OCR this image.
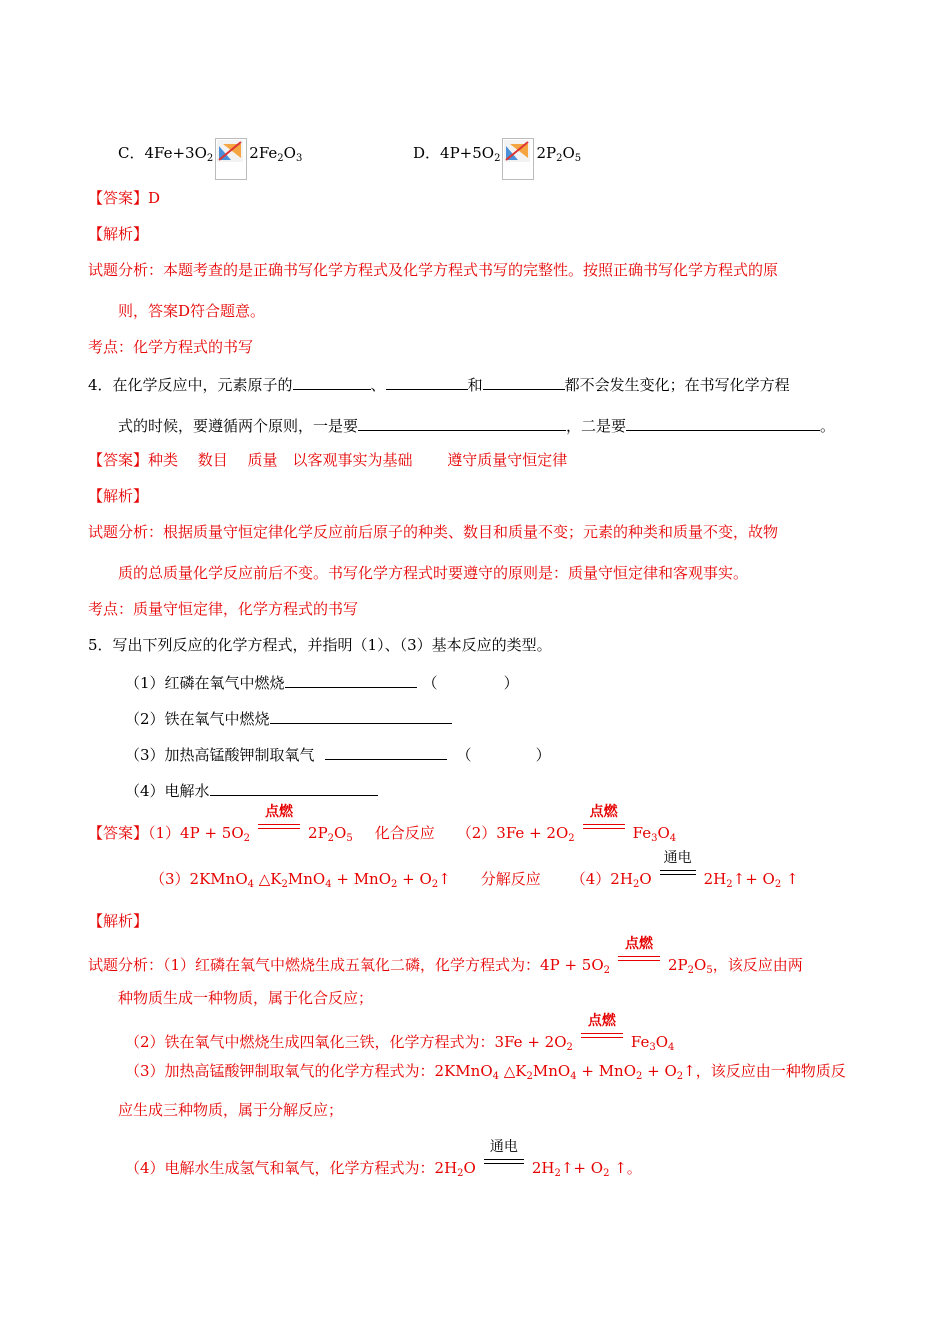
C．$4Fe+3O_2$ $2Fe_2O_3$	D．$4P+5O_2$ $2P_2O_5$
【答案】D
【解析】
试题分析：本题考查的是正确书写化学方程式及化学方程式书写的完整性。按照正确书写化学方程式的原
则，答案D符合题意。
考点：化学方程式的书写
4．在化学反应中，元素原子的	、	和	都不会发生变化；在书写化学方程
式的时候，要遵循两个原则，一是要	，二是要	。
【答案】种类　 数目　 质量　以客观事实为基础　　 遵守质量守恒定律
【解析】
试题分析：根据质量守恒定律化学反应前后原子的种类、数目和质量不变；元素的种类和质量不变，故物
质的总质量化学反应前后不变。书写化学方程式时要遵守的原则是：质量守恒定律和客观事实。
考点：质量守恒定律，化学方程式的书写
5．写出下列反应的化学方程式，并指明（1）、（3）基本反应的类型。
（1）红磷在氧气中燃烧	（	）
（2）铁在氧气中燃烧
（3）加热高锰酸钾制取氧气	（	）
（4）电解水
【答案】$(1)4P + 5O_2$
点燃
$2P_2O_5$ 化合反应 $(2)3Fe + 2O_2$
点燃
$Fe_3O_4$
（3）2KMnO$_4$ $\triangle K_2MnO_4 + MnO_2$ + $O_2↑$ 分解反应 $(4)2H_2O$
通电
$2H_2↑+ O_2$ ↑
【解析】
试题分析：（1）红磷在氧气中燃烧生成五氧化二磷，化学方程式为：$4P + 5O_2$
点燃
$2P_2O_5$，该反应由两
种物质生成一种物质，属于化合反应；
（2）铁在氧气中燃烧生成四氧化三铁，化学方程式为：$3Fe + 2O_2$
点燃
$Fe_3O_4$
（3）加热高锰酸钾制取氧气的化学方程式为：2KMnO$_4$ $\triangle K_2MnO_4 + MnO_2$ + $O_2↑$，该反应由一种物质反
应生成三种物质，属于分解反应；
（4）电解水生成氢气和氧气，化学方程式为：$2H_2O$
通电
$2H_2↑+ O_2$ ↑。
